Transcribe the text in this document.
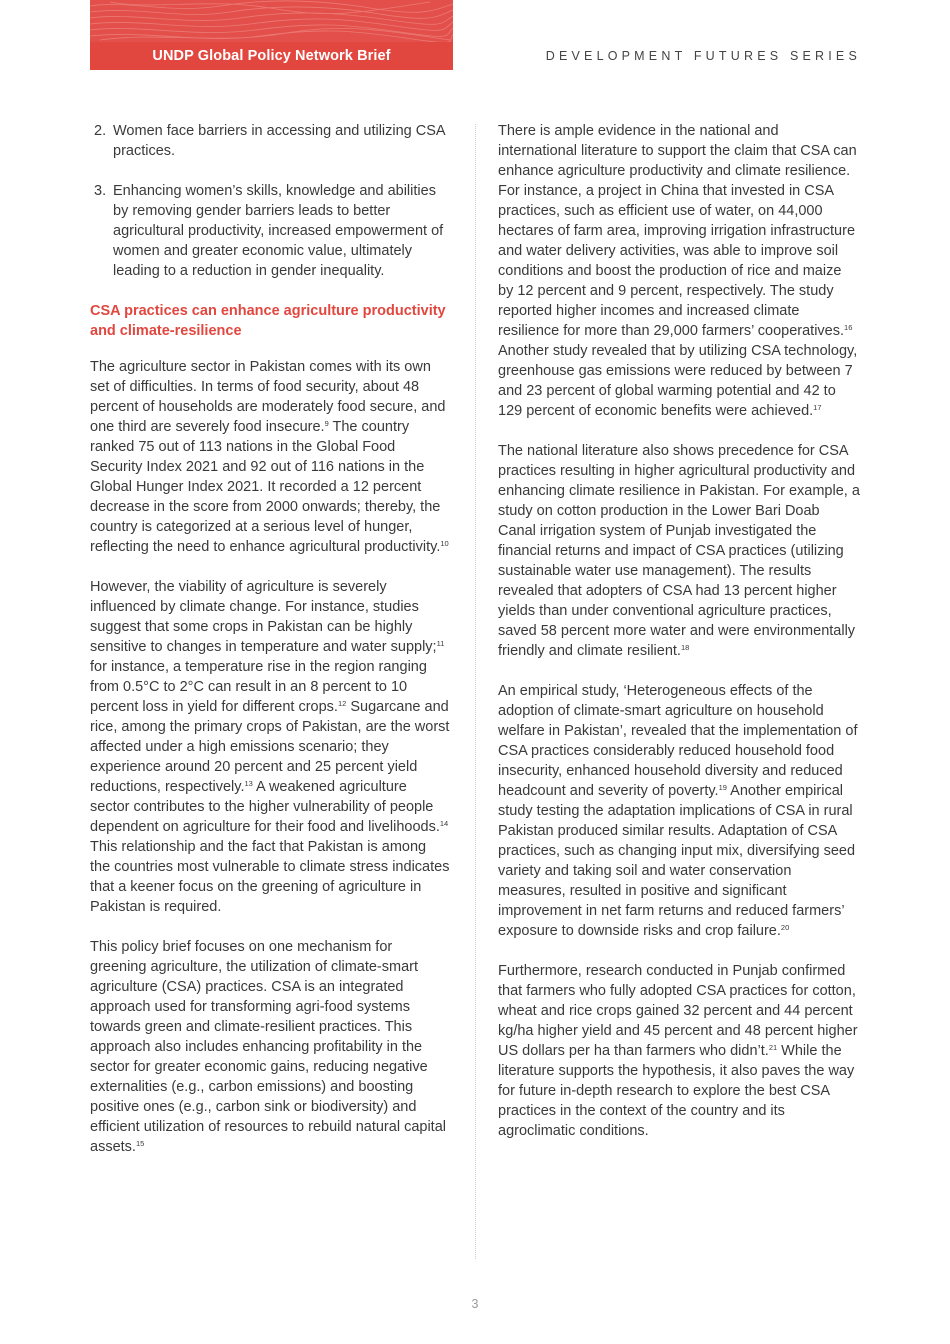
UNDP Global Policy Network Brief	DEVELOPMENT FUTURES SERIES
2. Women face barriers in accessing and utilizing CSA practices.
3. Enhancing women’s skills, knowledge and abilities by removing gender barriers leads to better agricultural productivity, increased empowerment of women and greater economic value, ultimately leading to a reduction in gender inequality.
CSA practices can enhance agriculture productivity and climate-resilience

The agriculture sector in Pakistan comes with its own set of difficulties. In terms of food security, about 48 percent of households are moderately food secure, and one third are severely food insecure.$^9$ The country ranked 75 out of 113 nations in the Global Food Security Index 2021 and 92 out of 116 nations in the Global Hunger Index 2021. It recorded a 12 percent decrease in the score from 2000 onwards; thereby, the country is categorized at a serious level of hunger, reflecting the need to enhance agricultural productivity.$^{10}$

However, the viability of agriculture is severely influenced by climate change. For instance, studies suggest that some crops in Pakistan can be highly sensitive to changes in temperature and water supply;$^{11}$ for instance, a temperature rise in the region ranging from 0.5°C to 2°C can result in an 8 percent to 10 percent loss in yield for different crops.$^{12}$ Sugarcane and rice, among the primary crops of Pakistan, are the worst affected under a high emissions scenario; they experience around 20 percent and 25 percent yield reductions, respectively.$^{13}$ A weakened agriculture sector contributes to the higher vulnerability of people dependent on agriculture for their food and livelihoods.$^{14}$ This relationship and the fact that Pakistan is among the countries most vulnerable to climate stress indicates that a keener focus on the greening of agriculture in Pakistan is required.

This policy brief focuses on one mechanism for greening agriculture, the utilization of climate-smart agriculture (CSA) practices. CSA is an integrated approach used for transforming agri-food systems towards green and climate-resilient practices. This approach also includes enhancing profitability in the sector for greater economic gains, reducing negative externalities (e.g., carbon emissions) and boosting positive ones (e.g., carbon sink or biodiversity) and efficient utilization of resources to rebuild natural capital assets.$^{15}$

There is ample evidence in the national and international literature to support the claim that CSA can enhance agriculture productivity and climate resilience. For instance, a project in China that invested in CSA practices, such as efficient use of water, on 44,000 hectares of farm area, improving irrigation infrastructure and water delivery activities, was able to improve soil conditions and boost the production of rice and maize by 12 percent and 9 percent, respectively. The study reported higher incomes and increased climate resilience for more than 29,000 farmers’ cooperatives.$^{16}$ Another study revealed that by utilizing CSA technology, greenhouse gas emissions were reduced by between 7 and 23 percent of global warming potential and 42 to 129 percent of economic benefits were achieved.$^{17}$

The national literature also shows precedence for CSA practices resulting in higher agricultural productivity and enhancing climate resilience in Pakistan. For example, a study on cotton production in the Lower Bari Doab Canal irrigation system of Punjab investigated the financial returns and impact of CSA practices (utilizing sustainable water use management). The results revealed that adopters of CSA had 13 percent higher yields than under conventional agriculture practices, saved 58 percent more water and were environmentally friendly and climate resilient.$^{18}$

An empirical study, ‘Heterogeneous effects of the adoption of climate-smart agriculture on household welfare in Pakistan’, revealed that the implementation of CSA practices considerably reduced household food insecurity, enhanced household diversity and reduced headcount and severity of poverty.$^{19}$ Another empirical study testing the adaptation implications of CSA in rural Pakistan produced similar results. Adaptation of CSA practices, such as changing input mix, diversifying seed variety and taking soil and water conservation measures, resulted in positive and significant improvement in net farm returns and reduced farmers’ exposure to downside risks and crop failure.$^{20}$

Furthermore, research conducted in Punjab confirmed that farmers who fully adopted CSA practices for cotton, wheat and rice crops gained 32 percent and 44 percent kg/ha higher yield and 45 percent and 48 percent higher US dollars per ha than farmers who didn’t.$^{21}$ While the literature supports the hypothesis, it also paves the way for future in-depth research to explore the best CSA practices in the context of the country and its agroclimatic conditions.

3
